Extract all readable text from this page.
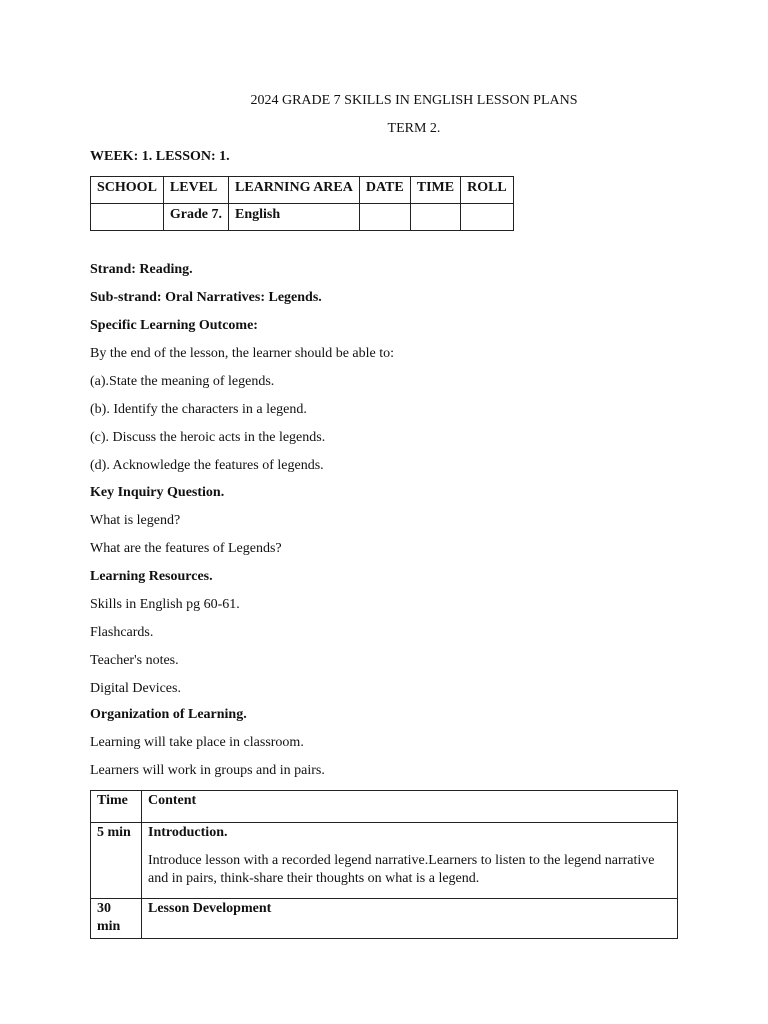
2024 GRADE 7 SKILLS IN ENGLISH LESSON PLANS
TERM 2.
WEEK: 1. LESSON: 1.
SCHOOL	LEVEL	LEARNING AREA	DATE	TIME	ROLL
	Grade 7.	English			
Strand: Reading.
Sub-strand: Oral Narratives: Legends.
Specific Learning Outcome:
By the end of the lesson, the learner should be able to:
(a).State the meaning of legends.
(b). Identify the characters in a legend.
(c). Discuss the heroic acts in the legends.
(d). Acknowledge the features of legends.
Key Inquiry Question.
What is legend?
What are the features of Legends?
Learning Resources.
Skills in English pg 60-61.
Flashcards.
Teacher's notes.
Digital Devices.
Organization of Learning.
Learning will take place in classroom.
Learners will work in groups and in pairs.
Time	Content
5 min	Introduction.

Introduce lesson with a recorded legend narrative.Learners to listen to the legend narrative and in pairs, think-share their thoughts on what is a legend.

30 min	Lesson Development
